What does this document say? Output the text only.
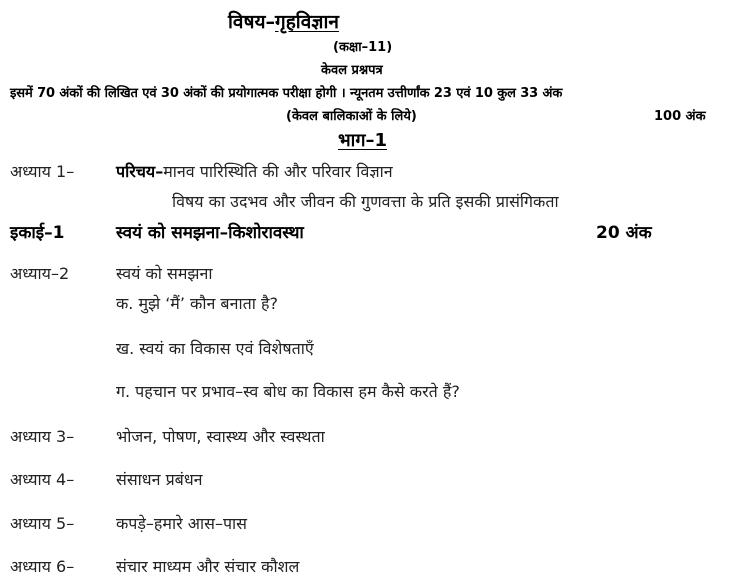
विषय–गृहविज्ञान
(कक्षा–11)
केवल प्रश्नपत्र
इसमें 70 अंकों की लिखित एवं 30 अंकों की प्रयोगात्मक परीक्षा होगी । न्यूनतम उत्तीर्णांक 23 एवं 10 कुल 33 अंक
(केवल बालिकाओं के लिये)	100 अंक
भाग–1
अध्याय 1–	परिचय–मानव पारिस्थिति की और परिवार विज्ञान
विषय का उदभव और जीवन की गुणवत्ता के प्रति इसकी प्रासंगिकता
इकाई–1	स्वयं को समझना–किशोरावस्था	20 अंक
अध्याय–2	स्वयं को समझना
क. मुझे ‘मैं’ कौन बनाता है?
ख. स्वयं का विकास एवं विशेषताएँ
ग. पहचान पर प्रभाव–स्व बोध का विकास हम कैसे करते हैं?
अध्याय 3–	भोजन, पोषण, स्वास्थ्य और स्वस्थता
अध्याय 4–	संसाधन प्रबंधन
अध्याय 5–	कपड़े–हमारे आस–पास
अध्याय 6–	संचार माध्यम और संचार कौशल
